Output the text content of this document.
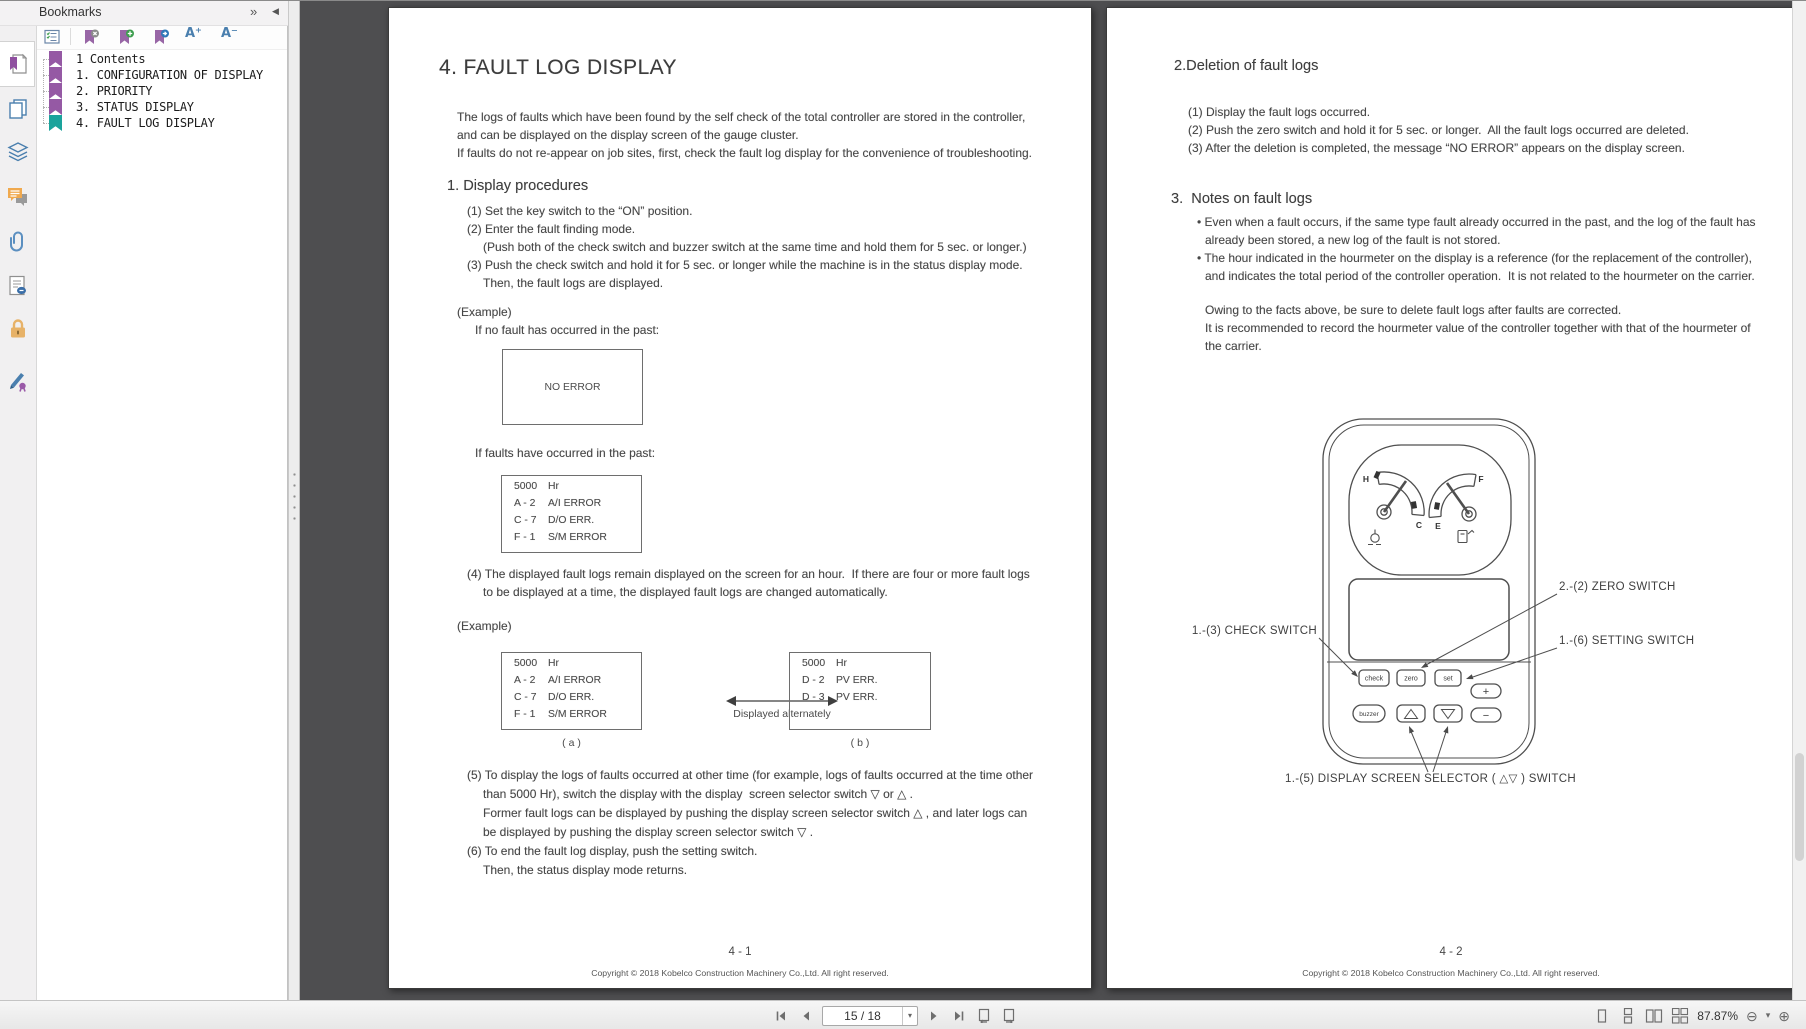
Bookmarks	» ◀
A⁺ A⁻
1 Contents
1. CONFIGURATION OF DISPLAY
2. PRIORITY
3. STATUS DISPLAY
4. FAULT LOG DISPLAY
4. FAULT LOG DISPLAY
The logs of faults which have been found by the self check of the total controller are stored in the controller,
and can be displayed on the display screen of the gauge cluster.
If faults do not re-appear on job sites, first, check the fault log display for the convenience of troubleshooting.
1. Display procedures
(1) Set the key switch to the “ON” position.
(2) Enter the fault finding mode.
(Push both of the check switch and buzzer switch at the same time and hold them for 5 sec. or longer.)
(3) Push the check switch and hold it for 5 sec. or longer while the machine is in the status display mode.
Then, the fault logs are displayed.
(Example)
If no fault has occurred in the past:
NO ERROR
If faults have occurred in the past:
5000 Hr
A - 2 A/I ERROR
C - 7 D/O ERR.
F - 1 S/M ERROR
(4) The displayed fault logs remain displayed on the screen for an hour.  If there are four or more fault logs
to be displayed at a time, the displayed fault logs are changed automatically.
(Example)
5000 Hr
A - 2 A/I ERROR
C - 7 D/O ERR.
F - 1 S/M ERROR
( a )
Displayed alternately
5000 Hr
D - 2 PV ERR.
D - 3 PV ERR.
( b )
(5) To display the logs of faults occurred at other time (for example, logs of faults occurred at the time other
than 5000 Hr), switch the display with the display  screen selector switch ▽ or △ .
Former fault logs can be displayed by pushing the display screen selector switch △ , and later logs can
be displayed by pushing the display screen selector switch ▽ .
(6) To end the fault log display, push the setting switch.
Then, the status display mode returns.
4 - 1
Copyright © 2018 Kobelco Construction Machinery Co.,Ltd. All right reserved.
2.Deletion of fault logs
(1) Display the fault logs occurred.
(2) Push the zero switch and hold it for 5 sec. or longer.  All the fault logs occurred are deleted.
(3) After the deletion is completed, the message “NO ERROR” appears on the display screen.
3.  Notes on fault logs
• Even when a fault occurs, if the same type fault already occurred in the past, and the log of the fault has
already been stored, a new log of the fault is not stored.
• The hour indicated in the hourmeter on the display is a reference (for the replacement of the controller),
and indicates the total period of the controller operation.  It is not related to the hourmeter on the carrier.
Owing to the facts above, be sure to delete fault logs after faults are corrected.
It is recommended to record the hourmeter value of the controller together with that of the hourmeter of
the carrier.
H
C
F
E
check	zero	set
buzzer
+
−
1.-(3) CHECK SWITCH
2.-(2) ZERO SWITCH
1.-(6) SETTING SWITCH
1.-(5) DISPLAY SCREEN SELECTOR ( △▽ ) SWITCH
4 - 2
Copyright © 2018 Kobelco Construction Machinery Co.,Ltd. All right reserved.
15 / 18	▾	87.87% ⊖ ▾ ⊕
